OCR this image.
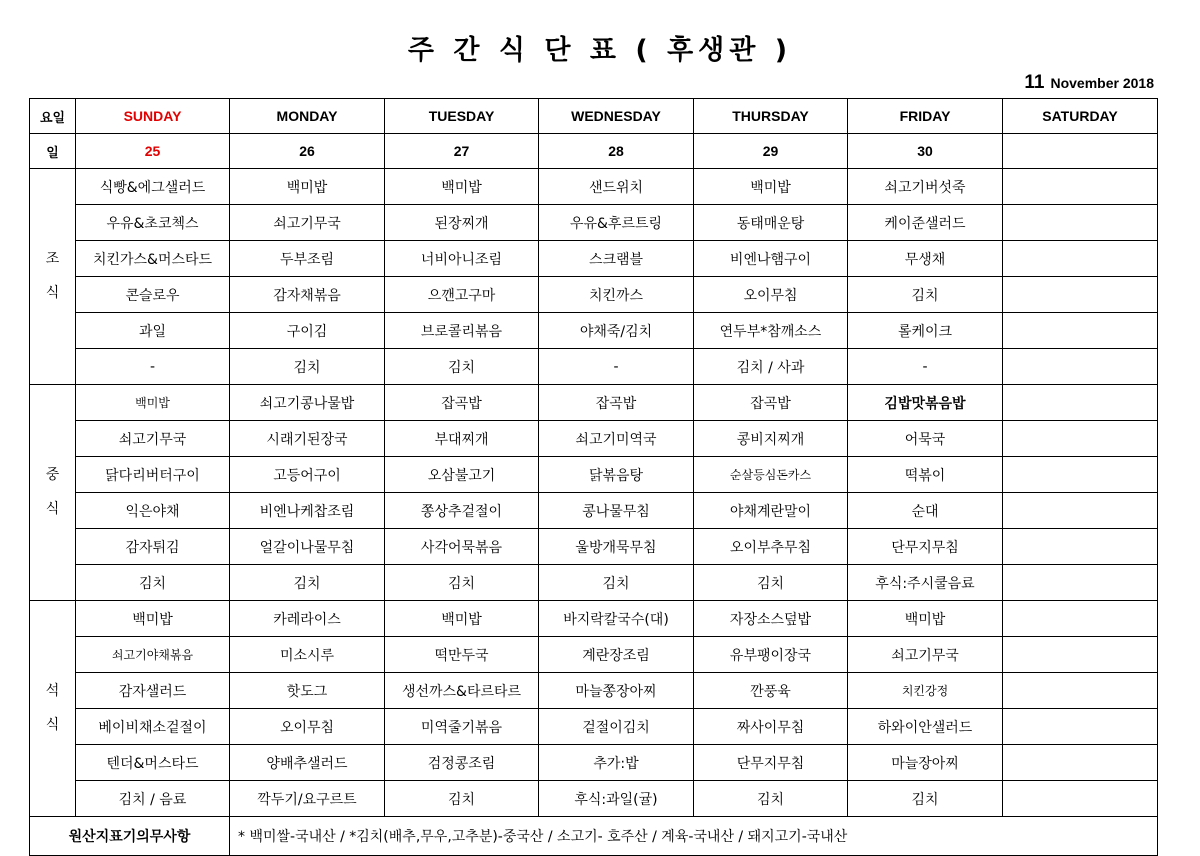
주 간 식 단 표 ( 후생관 )
11 November 2018
요일	SUNDAY	MONDAY	TUESDAY	WEDNESDAY	THURSDAY	FRIDAY	SATURDAY
일	25	26	27	28	29	30	

조
식	식빵&에그샐러드	백미밥	백미밥	샌드위치	백미밥	쇠고기버섯죽	
	우유&초코첵스	쇠고기무국	된장찌개	우유&후르트링	동태매운탕	케이준샐러드	
	치킨가스&머스타드	두부조림	너비아니조림	스크램블	비엔나햄구이	무생채	
	콘슬로우	감자채볶음	으깬고구마	치킨까스	오이무침	김치	
	과일	구이김	브로콜리볶음	야채죽/김치	연두부*참깨소스	롤케이크	
	-	김치	김치	-	김치 / 사과	-	

중
식	백미밥	쇠고기콩나물밥	잡곡밥	잡곡밥	잡곡밥	김밥맛볶음밥	
	쇠고기무국	시래기된장국	부대찌개	쇠고기미역국	콩비지찌개	어묵국	
	닭다리버터구이	고등어구이	오삼불고기	닭볶음탕	순살등심돈카스	떡볶이	
	익은야채	비엔나케찹조림	쫑상추겉절이	콩나물무침	야채계란말이	순대	
	감자튀김	얼갈이나물무침	사각어묵볶음	울방개묵무침	오이부추무침	단무지무침	
	김치	김치	김치	김치	김치	후식:주시쿨음료	

석
식	백미밥	카레라이스	백미밥	바지락칼국수(대)	자장소스덮밥	백미밥	
	쇠고기야채볶음	미소시루	떡만두국	계란장조림	유부팽이장국	쇠고기무국	
	감자샐러드	핫도그	생선까스&타르타르	마늘쫑장아찌	깐풍육	치킨강정	
	베이비채소겉절이	오이무침	미역줄기볶음	겉절이김치	짜사이무침	하와이안샐러드	
	텐더&머스타드	양배추샐러드	검정콩조림	추가:밥	단무지무침	마늘장아찌	
	김치 / 음료	깍두기/요구르트	김치	후식:과일(귤)	김치	김치	
원산지표기의무사항		* 백미쌀-국내산 / *김치(배추,무우,고추분)-중국산 / 소고기- 호주산 / 계육-국내산 / 돼지고기-국내산					
